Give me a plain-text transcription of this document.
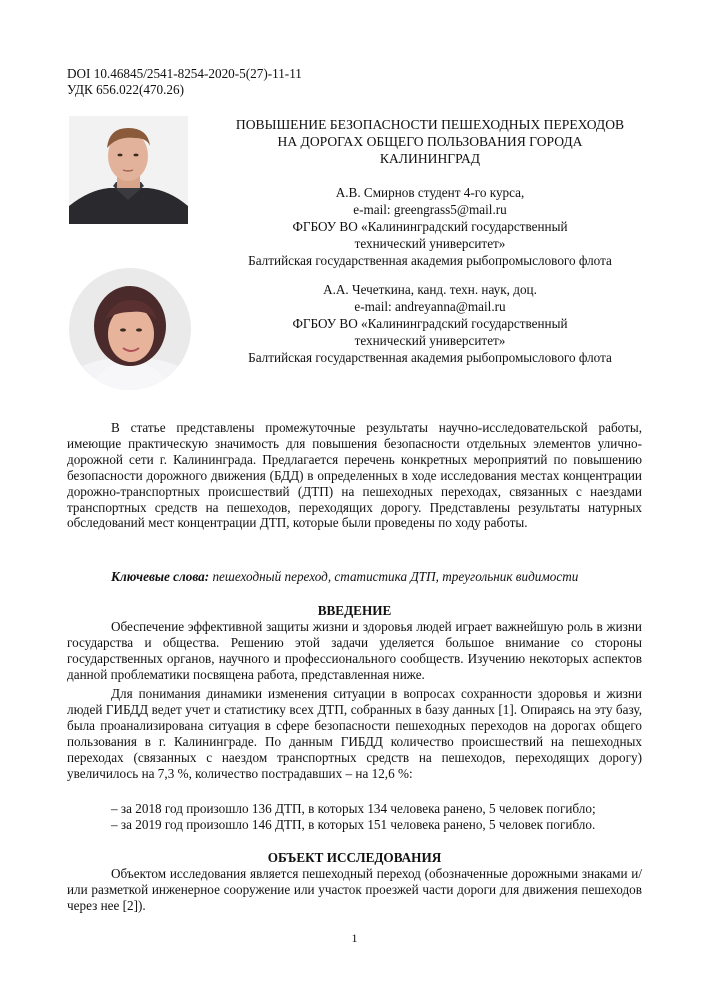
DOI 10.46845/2541-8254-2020-5(27)-11-11
УДК 656.022(470.26)
ПОВЫШЕНИЕ БЕЗОПАСНОСТИ ПЕШЕХОДНЫХ ПЕРЕХОДОВ
НА ДОРОГАХ ОБЩЕГО ПОЛЬЗОВАНИЯ ГОРОДА
КАЛИНИНГРАД
А.В. Смирнов студент 4-го курса,
e-mail: greengrass5@mail.ru
ФГБОУ ВО «Калининградский государственный
технический университет»
Балтийская государственная академия рыбопромыслового флота
А.А. Чечеткина, канд. техн. наук, доц.
e-mail: andreyanna@mail.ru
ФГБОУ ВО «Калининградский государственный
технический университет»
Балтийская государственная академия рыбопромыслового флота
В статье представлены промежуточные результаты научно-исследовательской работы, имеющие практическую значимость для повышения безопасности отдельных элементов улично-дорожной сети г. Калининграда. Предлагается перечень конкретных мероприятий по повышению безопасности дорожного движения (БДД) в определенных в ходе исследования местах концентрации дорожно-транспортных происшествий (ДТП) на пешеходных переходах, связанных с наездами транспортных средств на пешеходов, переходящих дорогу. Представлены результаты натурных обследований мест концентрации ДТП, которые были проведены по ходу работы.
Ключевые слова: пешеходный переход, статистика ДТП, треугольник видимости
ВВЕДЕНИЕ
Обеспечение эффективной защиты жизни и здоровья людей играет важнейшую роль в жизни государства и общества. Решению этой задачи уделяется большое внимание со стороны государственных органов, научного и профессионального сообществ. Изучению некоторых аспектов данной проблематики посвящена работа, представленная ниже.
Для понимания динамики изменения ситуации в вопросах сохранности здоровья и жизни людей ГИБДД ведет учет и статистику всех ДТП, собранных в базу данных [1]. Опираясь на эту базу, была проанализирована ситуация в сфере безопасности пешеходных переходов на дорогах общего пользования в г. Калининграде. По данным ГИБДД количество происшествий на пешеходных переходах (связанных с наездом транспортных средств на пешеходов, переходящих дорогу) увеличилось на 7,3 %, количество пострадавших – на 12,6 %:
– за 2018 год произошло 136 ДТП, в которых 134 человека ранено, 5 человек погибло;
– за 2019 год произошло 146 ДТП, в которых 151 человека ранено, 5 человек погибло.
ОБЪЕКТ ИССЛЕДОВАНИЯ
Объектом исследования является пешеходный переход (обозначенные дорожными знаками и/или разметкой инженерное сооружение или участок проезжей части дороги для движения пешеходов через нее [2]).
1
